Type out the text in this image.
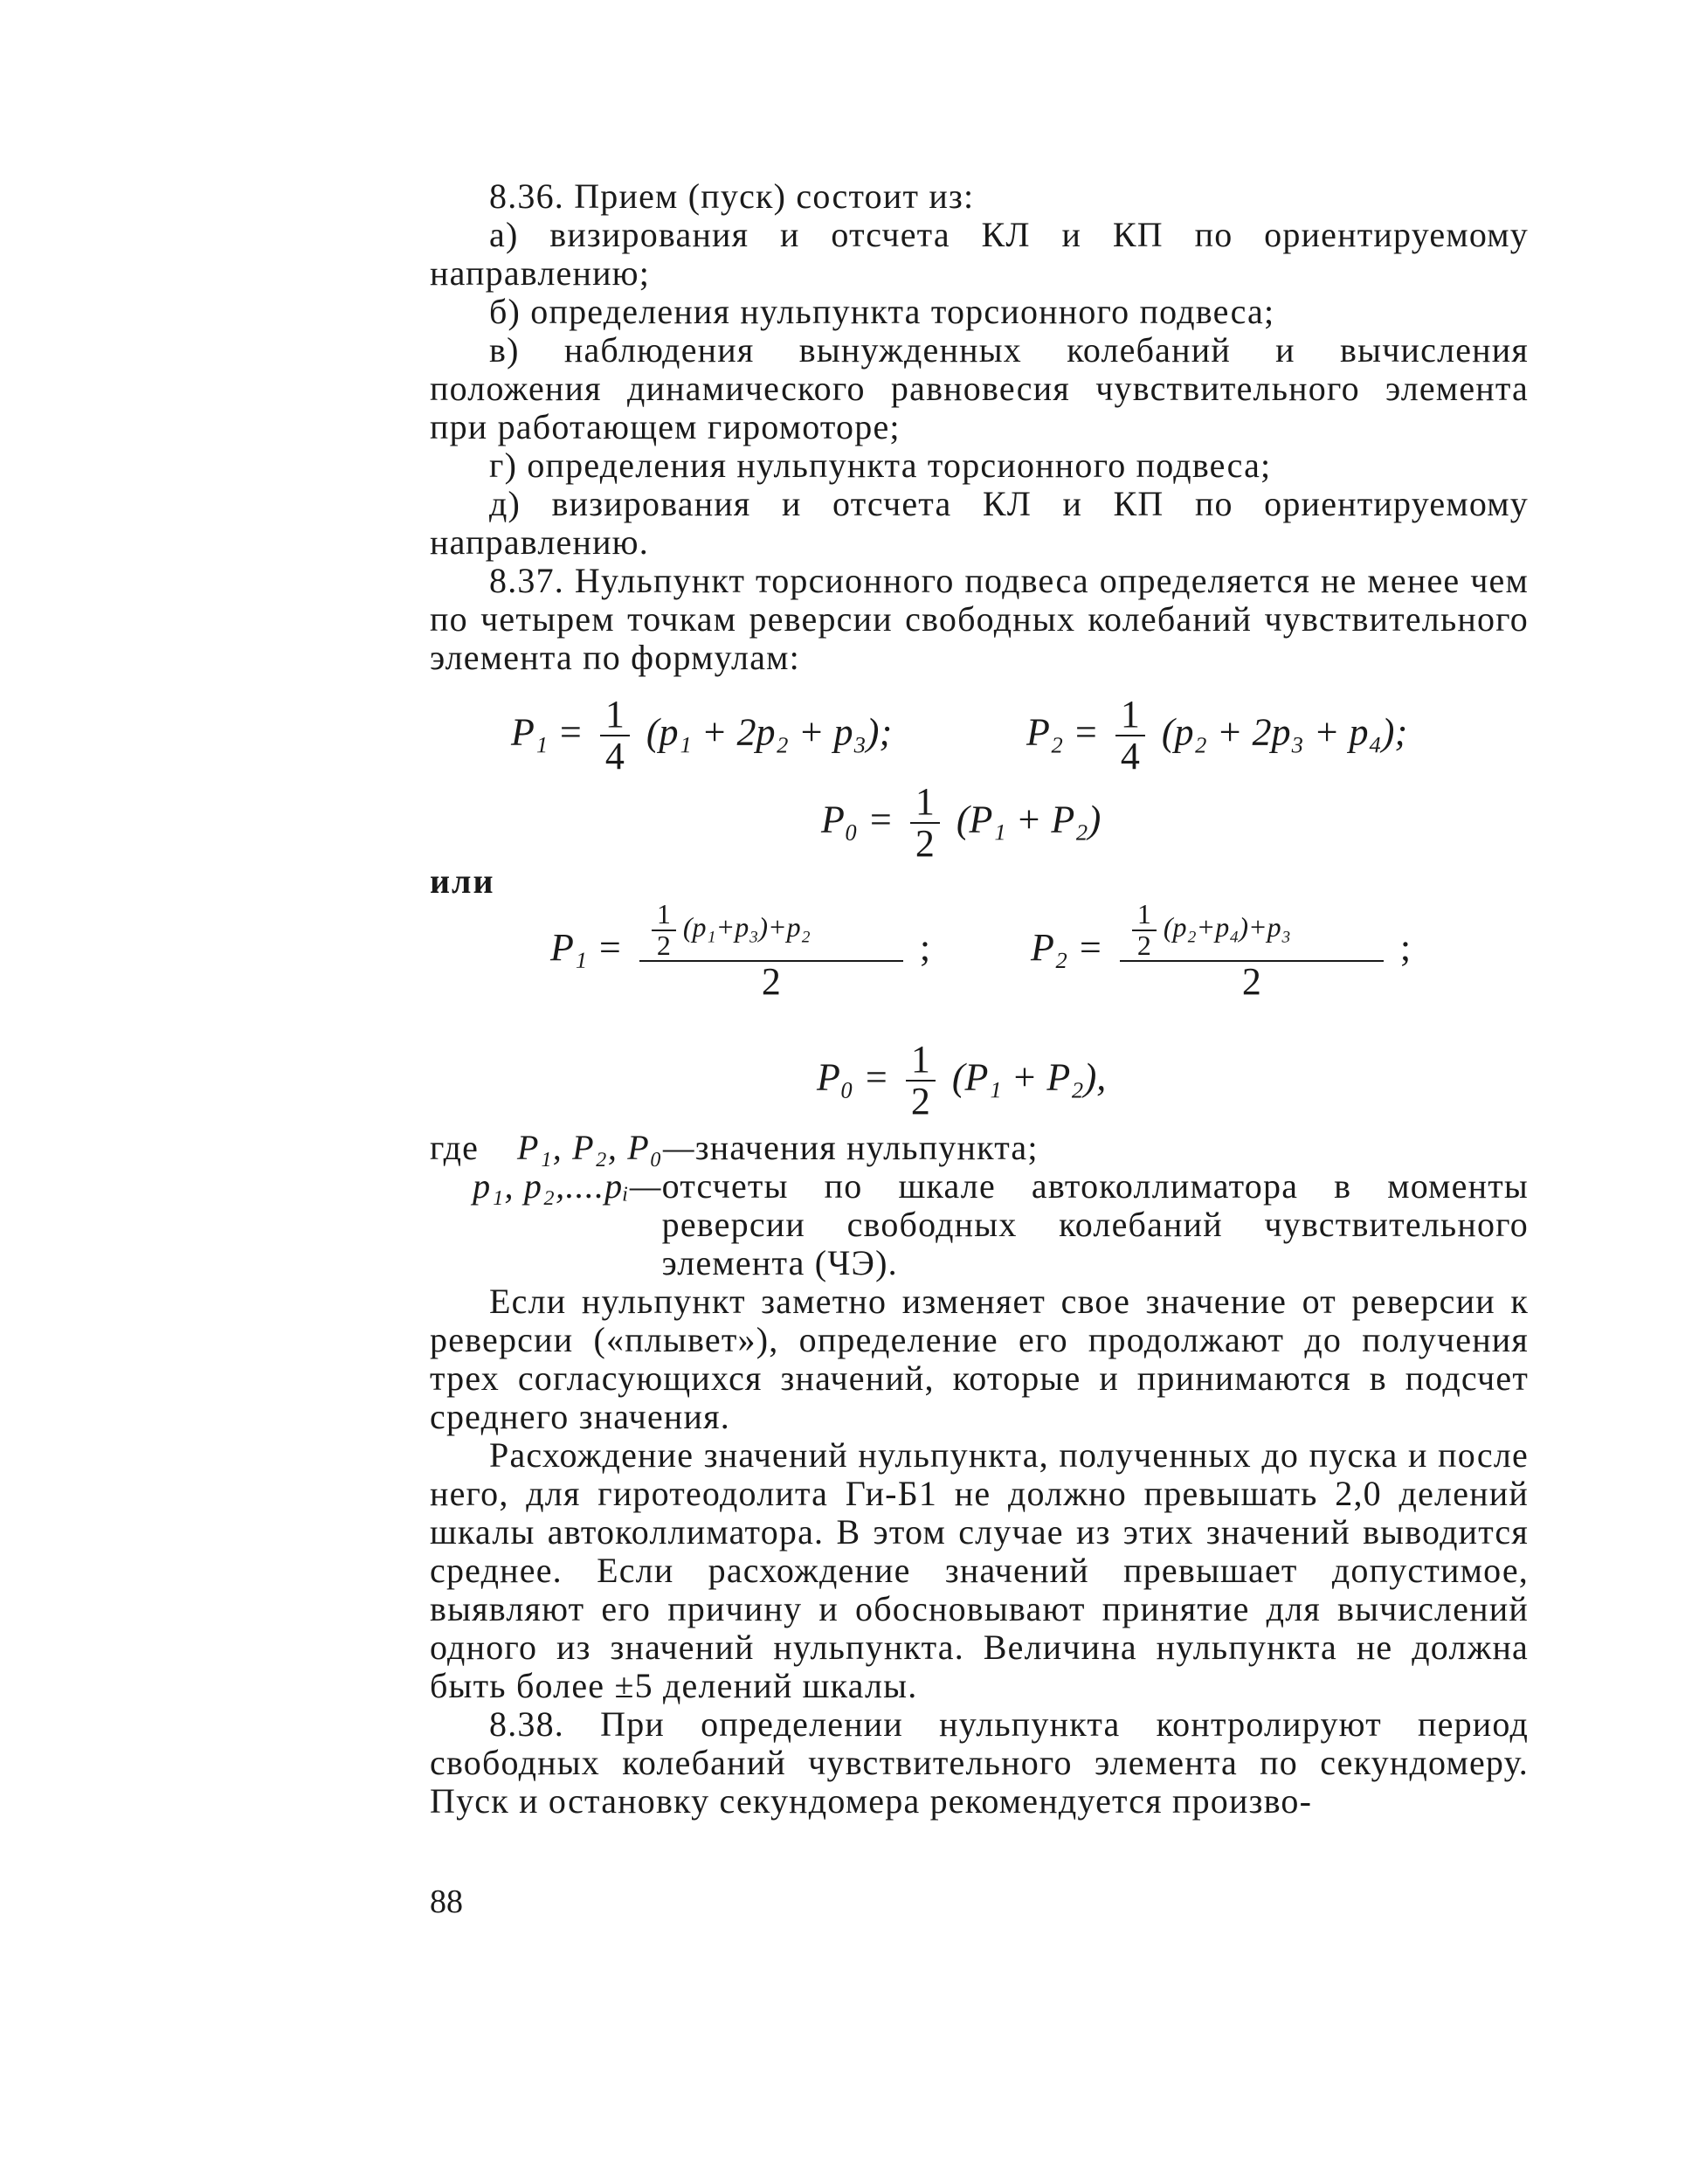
8.36. Прием (пуск) состоит из:

а) визирования и отсчета КЛ и КП по ориентируемому направлению;

б) определения нульпункта торсионного подвеса;

в) наблюдения вынужденных колебаний и вычисления положения динамического равновесия чувствительного элемента при работающем гиромоторе;

г) определения нульпункта торсионного подвеса;

д) визирования и отсчета КЛ и КП по ориентируемому направлению.

8.37. Нульпункт торсионного подвеса определяется не менее чем по четырем точкам реверсии свободных колебаний чувствительного элемента по формулам:

$P_1 = \frac{1}{4} (p_1 + 2p_2 + p_3)$;	$P_2 = \frac{1}{4} (p_2 + 2p_3 + p_4)$;
$P_0 = \frac{1}{2} (P_1 + P_2)$
или
$P_1 = \frac{\frac{1}{2} (p_1+p_3)+p_2}{2}$ ;	$P_2 = \frac{\frac{1}{2} (p_2+p_4)+p_3}{2}$ ;
$P_0 = \frac{1}{2} (P_1 + P_2)$,
где	P₁, P₂, P₀— значения нульпункта;
p₁, p₂,....pᵢ— отсчеты по шкале автоколлиматора в моменты реверсии свободных колебаний чувствительного элемента (ЧЭ).

Если нульпункт заметно изменяет свое значение от реверсии к реверсии («плывет»), определение его продолжают до получения трех согласующихся значений, которые и принимаются в подсчет среднего значения.

Расхождение значений нульпункта, полученных до пуска и после него, для гиротеодолита Ги-Б1 не должно превышать 2,0 делений шкалы автоколлиматора. В этом случае из этих значений выводится среднее. Если расхождение значений превышает допустимое, выявляют его причину и обосновывают принятие для вычислений одного из значений нульпункта. Величина нульпункта не должна быть более ±5 делений шкалы.

8.38. При определении нульпункта контролируют период свободных колебаний чувствительного элемента по секундомеру. Пуск и остановку секундомера рекомендуется произво-

88
